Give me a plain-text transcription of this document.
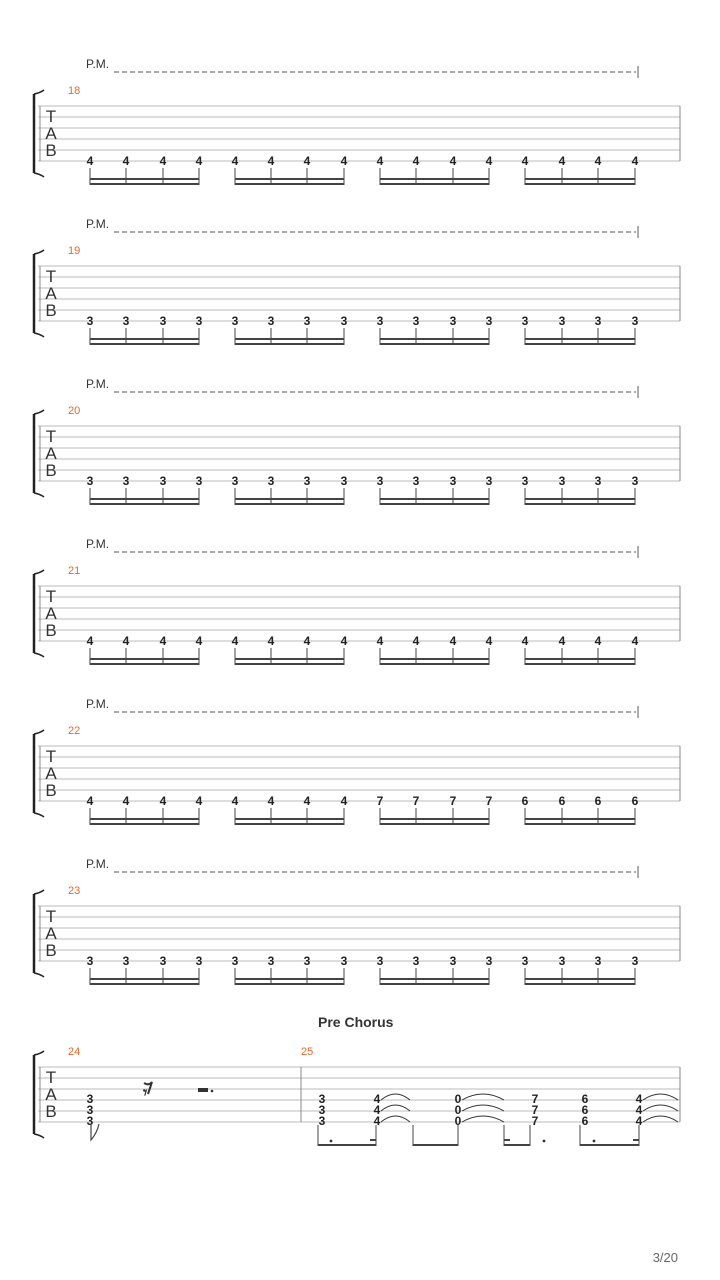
P.M.
18
T
A
B
4 4	4 4 4 4 4	4 4 4	4 4 4	4 4	4
P.M.
19
T
A
B
3 3	3 3 3 3 3	3 3 3	3 3 3	3 3	3
P.M.
20
T
A
B
3 3	3 3 3 3 3	3 3 3	3 3 3	3 3	3
P.M.
21
T
A
B
4 4	4 4 4 4 4	4 4 4	4 4 4	4 4	4
P.M.
22
T
A
B
4 4	4 4 4 4 4	4 7 7	7 7 6	6 6	6
P.M.
23
T
A
B
3 3	3 3 3 3 3	3 3 3	3 3 3	3 3	3
24	25
T
A
B
3
3
3
𝄾	3
3
3
4
4
4
0
0
0
7
7
7
6
6
6
4
4
4
Pre Chorus
3/20
